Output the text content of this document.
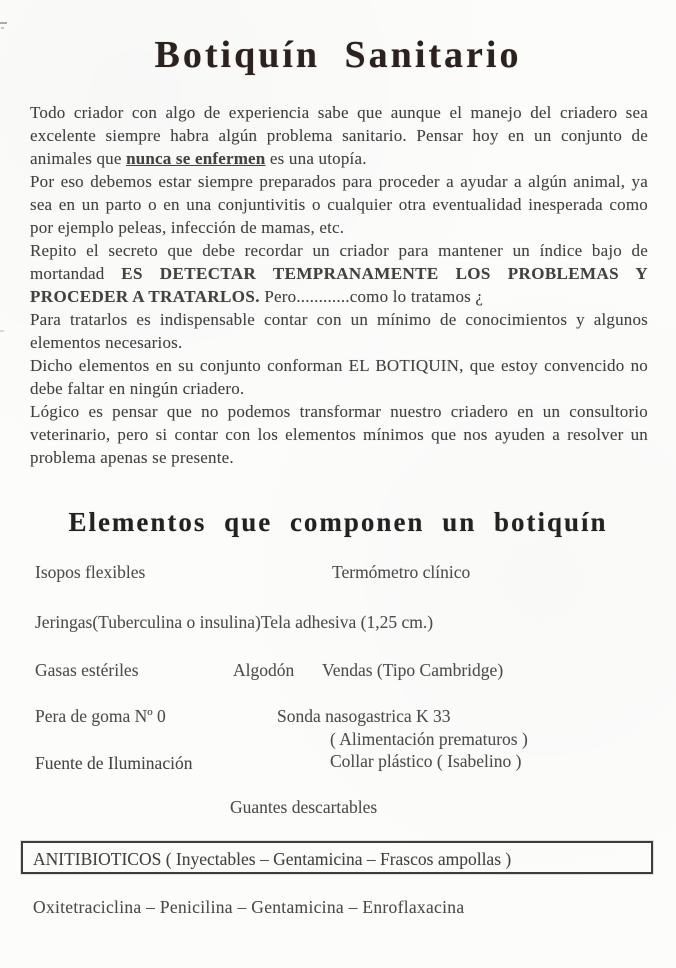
Botiquín Sanitario

Todo criador con algo de experiencia sabe que aunque el manejo del criadero sea excelente siempre habra algún problema sanitario. Pensar hoy en un conjunto de animales que nunca se enfermen es una utopía.

Por eso debemos estar siempre preparados para proceder a ayudar a algún animal, ya sea en un parto o en una conjuntivitis o cualquier otra eventualidad inesperada como por ejemplo peleas, infección de mamas, etc.

Repito el secreto que debe recordar un criador para mantener un índice bajo de mortandad ES DETECTAR TEMPRANAMENTE LOS PROBLEMAS Y PROCEDER A TRATARLOS. Pero............como lo tratamos ¿

Para tratarlos es indispensable contar con un mínimo de conocimientos y algunos elementos necesarios.

Dicho elementos en su conjunto conforman EL BOTIQUIN, que estoy convencido no debe faltar en ningún criadero.

Lógico es pensar que no podemos transformar nuestro criadero en un consultorio veterinario, pero si contar con los elementos mínimos que nos ayuden a resolver un problema apenas se presente.

Elementos que componen un botiquín
Isopos flexibles	Termómetro clínico
Jeringas(Tuberculina o insulina)Tela adhesiva (1,25 cm.)
Gasas estériles	Algodón Vendas (Tipo Cambridge)
Pera de goma Nº 0	Sonda nasogastrica K 33
( Alimentación prematuros )
Fuente de Iluminación	Collar plástico ( Isabelino )
Guantes descartables
ANITIBIOTICOS ( Inyectables – Gentamicina – Frascos ampollas )
Oxitetraciclina – Penicilina – Gentamicina – Enroflaxacina
